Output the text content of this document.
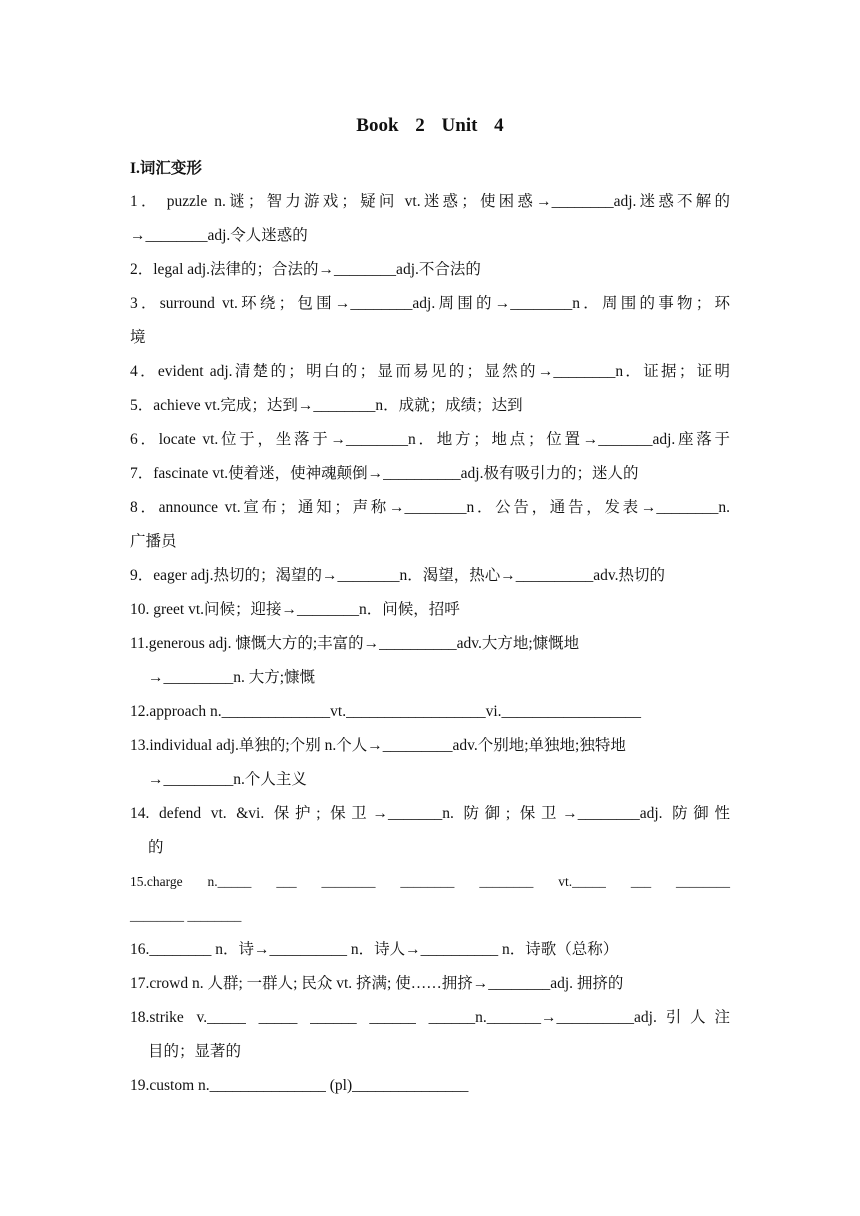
Book 2 Unit 4
I.词汇变形

1． puzzle n.谜；智力游戏；疑问 vt.迷惑；使困惑→________adj.迷惑不解的

→________adj.令人迷惑的

2．legal adj.法律的；合法的→________adj.不合法的

3．surround vt.环绕；包围→________adj.周围的→________n．周围的事物；环

境

4．evident adj.清楚的；明白的；显而易见的；显然的→________n．证据；证明

5．achieve vt.完成；达到→________n．成就；成绩；达到

6．locate vt.位于，坐落于→________n．地方；地点；位置→_______adj.座落于

7．fascinate vt.使着迷，使神魂颠倒→__________adj.极有吸引力的；迷人的

8．announce vt.宣布；通知；声称→________n．公告，通告，发表→________n.

广播员

9．eager adj.热切的；渴望的→________n．渴望，热心→__________adv.热切的

10. greet vt.问候；迎接→________n．问候，招呼

11.generous adj. 慷慨大方的;丰富的→__________adv.大方地;慷慨地

→_________n. 大方;慷慨

12.approach n.______________vt.__________________vi.__________________

13.individual adj.单独的;个别 n.个人→_________adv.个别地;单独地;独特地

→_________n.个人主义

14. defend vt. &vi. 保护; 保卫→_______n. 防御; 保卫→________adj. 防御性

的

15.charge n._____ ___ ________ ________ ________ vt._____ ___ ________

________ ________

16.________ n．诗→__________ n．诗人→__________ n．诗歌（总称）

17.crowd n. 人群; 一群人; 民众 vt. 挤满; 使……拥挤→________adj. 拥挤的

18.strike v._____ _____ ______ ______ ______n._______→__________adj.引人注

目的；显著的

19.custom n._______________ (pl)_______________
